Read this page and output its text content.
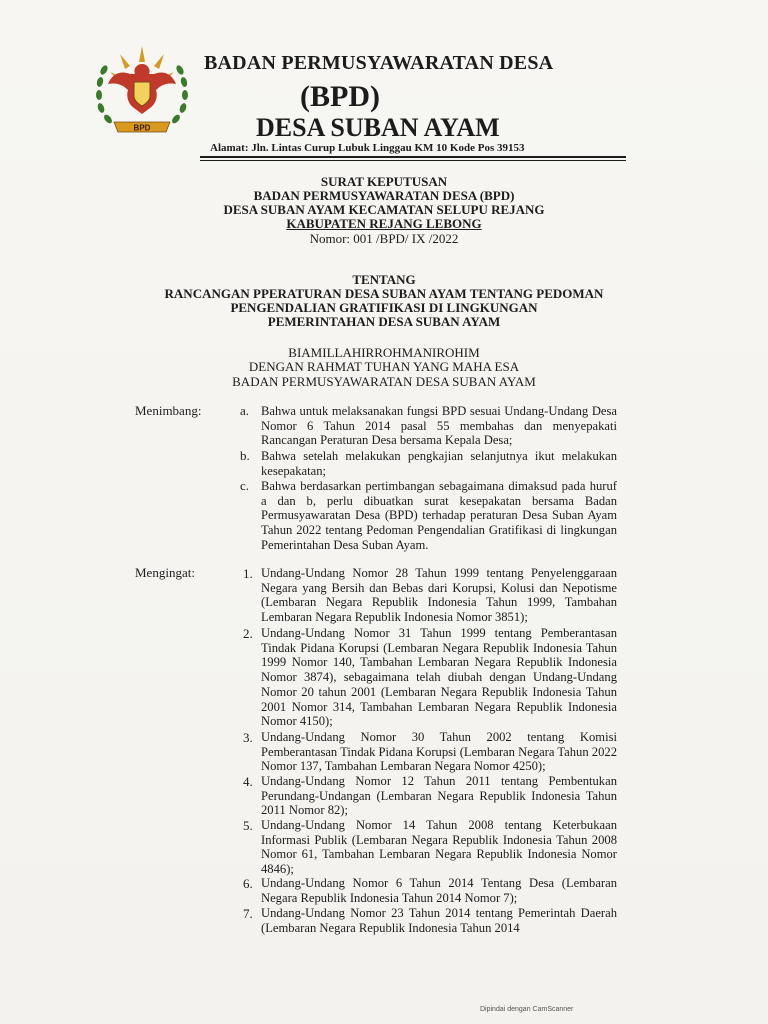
BPD
BADAN PERMUSYAWARATAN DESA
(BPD)
DESA SUBAN AYAM
Alamat: Jln. Lintas Curup Lubuk Linggau KM 10 Kode Pos 39153
SURAT KEPUTUSAN
BADAN PERMUSYAWARATAN DESA (BPD)
DESA SUBAN AYAM KECAMATAN SELUPU REJANG
KABUPATEN REJANG LEBONG
Nomor: 001 /BPD/ IX /2022
TENTANG
RANCANGAN PPERATURAN DESA SUBAN AYAM TENTANG PEDOMAN
PENGENDALIAN GRATIFIKASI DI LINGKUNGAN
PEMERINTAHAN DESA SUBAN AYAM
BIAMILLAHIRROHMANIROHIM
DENGAN RAHMAT TUHAN YANG MAHA ESA
BADAN PERMUSYAWARATAN DESA SUBAN AYAM
Menimbang:	a. Bahwa untuk melaksanakan fungsi BPD sesuai Undang-Undang Desa Nomor 6 Tahun 2014 pasal 55 membahas dan menyepakati Rancangan Peraturan Desa bersama Kepala Desa;
b. Bahwa setelah melakukan pengkajian selanjutnya ikut melakukan kesepakatan;
c. Bahwa berdasarkan pertimbangan sebagaimana dimaksud pada huruf a dan b, perlu dibuatkan surat kesepakatan bersama Badan Permusyawaratan Desa (BPD) terhadap peraturan Desa Suban Ayam Tahun 2022 tentang Pedoman Pengendalian Gratifikasi di lingkungan Pemerintahan Desa Suban Ayam.
Mengingat:	1. Undang-Undang Nomor 28 Tahun 1999 tentang Penyelenggaraan Negara yang Bersih dan Bebas dari Korupsi, Kolusi dan Nepotisme (Lembaran Negara Republik Indonesia Tahun 1999, Tambahan Lembaran Negara Republik Indonesia Nomor 3851);
2. Undang-Undang Nomor 31 Tahun 1999 tentang Pemberantasan Tindak Pidana Korupsi (Lembaran Negara Republik Indonesia Tahun 1999 Nomor 140, Tambahan Lembaran Negara Republik Indonesia Nomor 3874), sebagaimana telah diubah dengan Undang-Undang Nomor 20 tahun 2001 (Lembaran Negara Republik Indonesia Tahun 2001 Nomor 314, Tambahan Lembaran Negara Republik Indonesia Nomor 4150);
3. Undang-Undang Nomor 30 Tahun 2002 tentang Komisi Pemberantasan Tindak Pidana Korupsi (Lembaran Negara Tahun 2022 Nomor 137, Tambahan Lembaran Negara Nomor 4250);
4. Undang-Undang Nomor 12 Tahun 2011 tentang Pembentukan Perundang-Undangan (Lembaran Negara Republik Indonesia Tahun 2011 Nomor 82);
5. Undang-Undang Nomor 14 Tahun 2008 tentang Keterbukaan Informasi Publik (Lembaran Negara Republik Indonesia Tahun 2008 Nomor 61, Tambahan Lembaran Negara Republik Indonesia Nomor 4846);
6. Undang-Undang Nomor 6 Tahun 2014 Tentang Desa (Lembaran Negara Republik Indonesia Tahun 2014 Nomor 7);
7. Undang-Undang Nomor 23 Tahun 2014 tentang Pemerintah Daerah (Lembaran Negara Republik Indonesia Tahun 2014
Dipindai dengan CamScanner
